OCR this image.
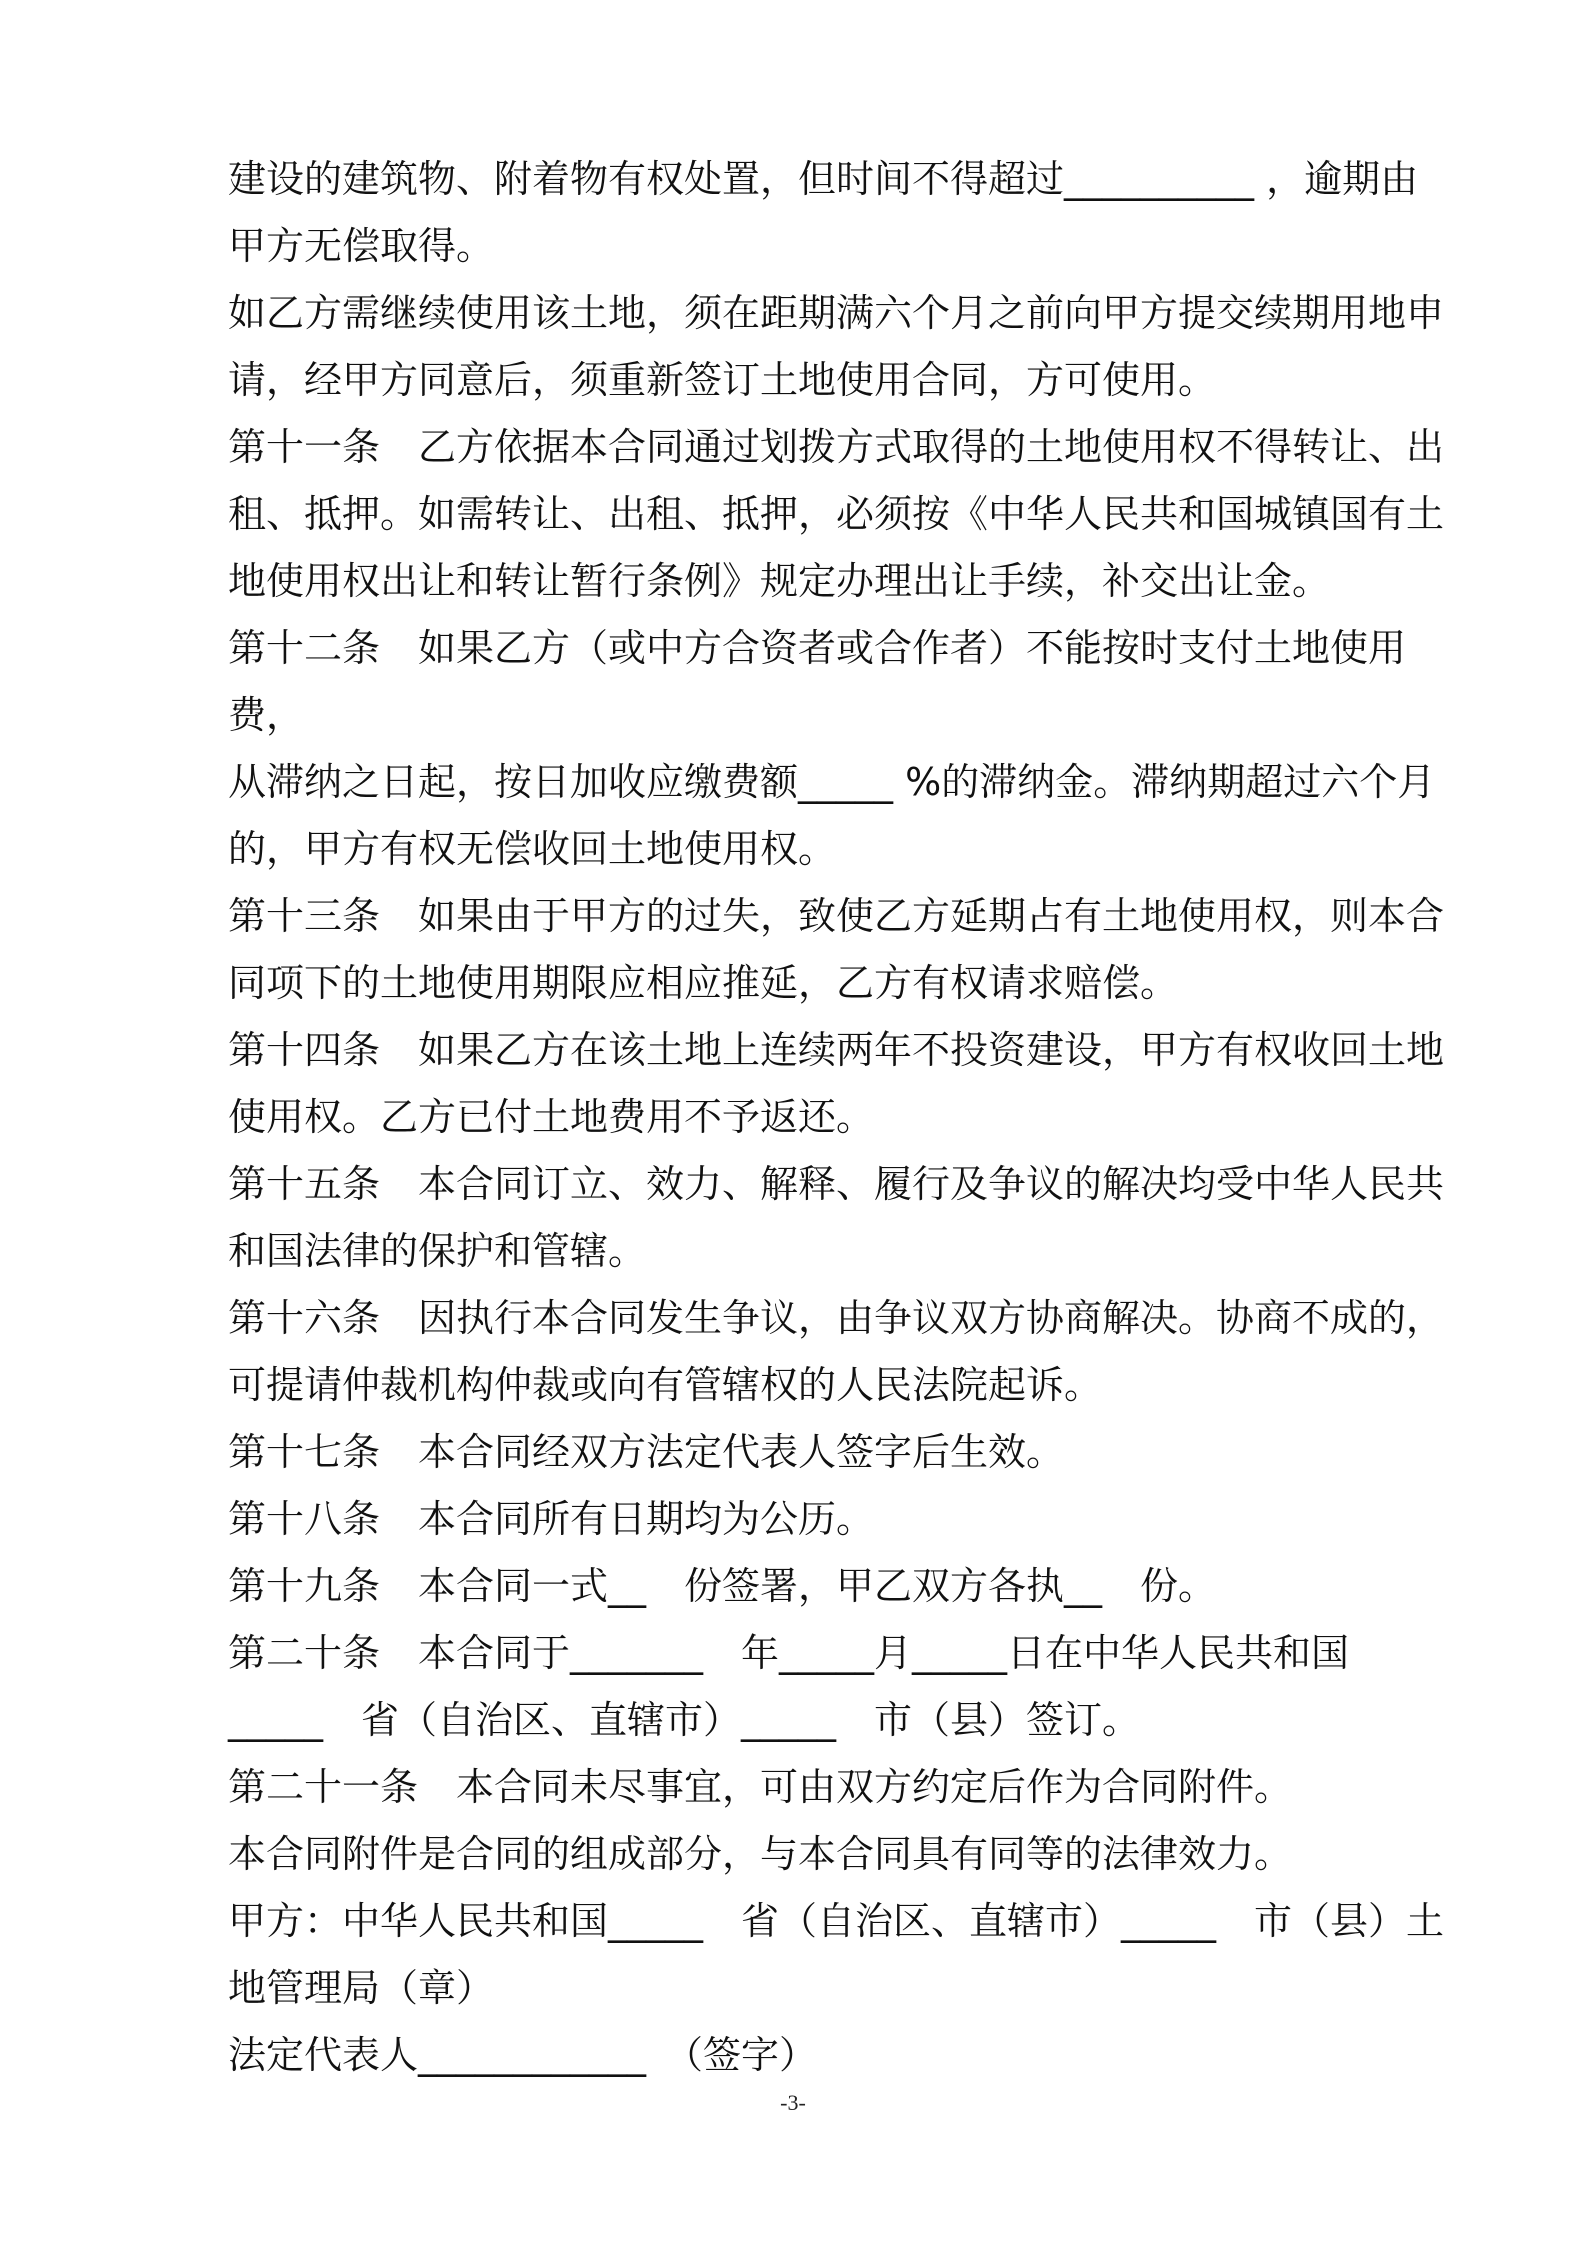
建设的建筑物、附着物有权处置，但时间不得超过__________ ，逾期由

甲方无偿取得。

如乙方需继续使用该土地，须在距期满六个月之前向甲方提交续期用地申

请，经甲方同意后，须重新签订土地使用合同，方可使用。

第十一条　乙方依据本合同通过划拨方式取得的土地使用权不得转让、出

租、抵押。如需转让、出租、抵押，必须按《中华人民共和国城镇国有土

地使用权出让和转让暂行条例》规定办理出让手续，补交出让金。

第十二条　如果乙方（或中方合资者或合作者）不能按时支付土地使用费，

从滞纳之日起，按日加收应缴费额_____ %的滞纳金。滞纳期超过六个月

的，甲方有权无偿收回土地使用权。

第十三条　如果由于甲方的过失，致使乙方延期占有土地使用权，则本合

同项下的土地使用期限应相应推延，乙方有权请求赔偿。

第十四条　如果乙方在该土地上连续两年不投资建设，甲方有权收回土地

使用权。乙方已付土地费用不予返还。

第十五条　本合同订立、效力、解释、履行及争议的解决均受中华人民共

和国法律的保护和管辖。

第十六条　因执行本合同发生争议，由争议双方协商解决。协商不成的，

可提请仲裁机构仲裁或向有管辖权的人民法院起诉。

第十七条　本合同经双方法定代表人签字后生效。

第十八条　本合同所有日期均为公历。

第十九条　本合同一式__　份签署，甲乙双方各执__　份。

第二十条　本合同于_______　年_____月_____日在中华人民共和国

_____　省（自治区、直辖市）_____　市（县）签订。

第二十一条　本合同未尽事宜，可由双方约定后作为合同附件。

本合同附件是合同的组成部分，与本合同具有同等的法律效力。

甲方：中华人民共和国_____　省（自治区、直辖市）_____　市（县）土

地管理局（章）

法定代表人____________　（签字）

-3-
